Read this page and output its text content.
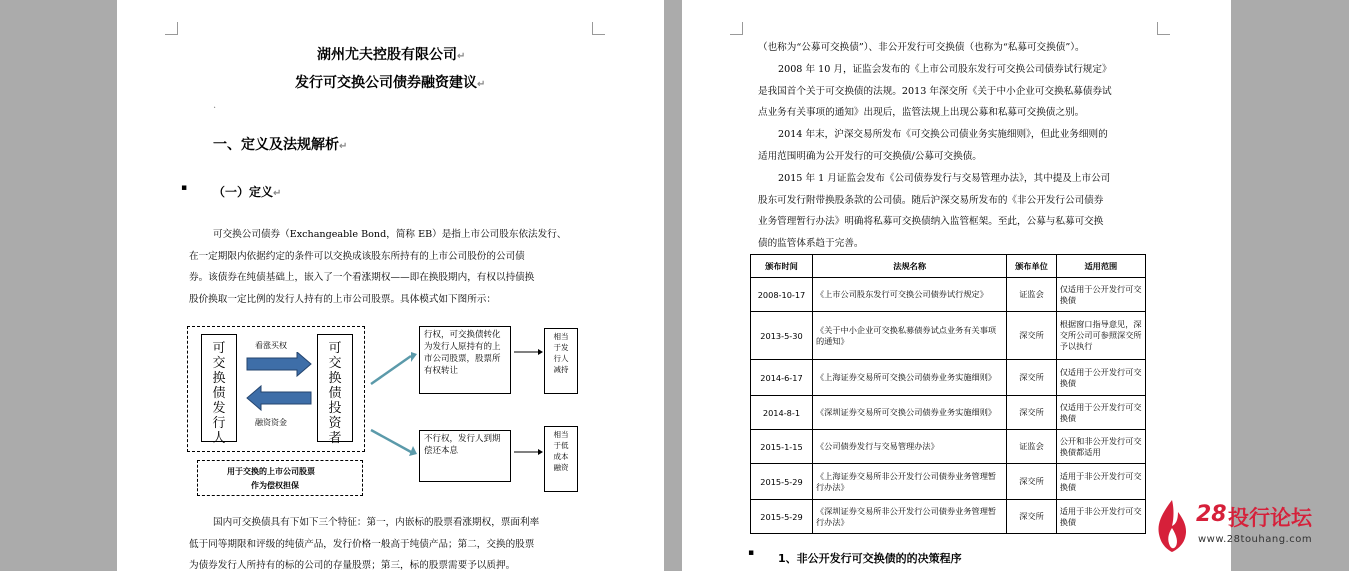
湖州尤夫控股有限公司↵
发行可交换公司债券融资建议↵
.
一、定义及法规解析↵
▪ （一）定义↵
可交换公司债券（Exchangeable Bond，简称 EB）是指上市公司股东依法发行、
在一定期限内依据约定的条件可以交换成该股东所持有的上市公司股份的公司债
券。该债券在纯债基础上，嵌入了一个看涨期权——即在换股期内，有权以持债换
股价换取一定比例的发行人持有的上市公司股票。具体模式如下图所示：
可交换债发行人
可交换债投资者
看涨买权
融资资金
用于交换的上市公司股票
作为偿权担保
行权，可交换债转化为发行人原持有的上市公司股票，股票所有权转让
不行权，发行人到期偿还本息
相当于发行人减持
相当于低成本融资
国内可交换债具有下如下三个特征：第一，内嵌标的股票看涨期权，票面利率
低于同等期限和评级的纯债产品，发行价格一般高于纯债产品；第二，交换的股票
为债券发行人所持有的标的公司的存量股票；第三，标的股票需要予以质押。
（也称为“公募可交换债”）、非公开发行可交换债（也称为“私募可交换债”）。
2008 年 10 月，证监会发布的《上市公司股东发行可交换公司债券试行规定》
是我国首个关于可交换债的法规。2013 年深交所《关于中小企业可交换私募债券试
点业务有关事项的通知》出现后，监管法规上出现公募和私募可交换债之别。
2014 年末，沪深交易所发布《可交换公司债业务实施细则》，但此业务细则的
适用范围明确为公开发行的可交换债/公募可交换债。
2015 年 1 月证监会发布《公司债券发行与交易管理办法》，其中提及上市公司
股东可发行附带换股条款的公司债。随后沪深交易所发布的《非公开发行公司债券
业务管理暂行办法》明确将私募可交换债纳入监管框架。至此，公募与私募可交换
债的监管体系趋于完善。
颁布时间	法规名称	颁布单位	适用范围
2008-10-17	《上市公司股东发行可交换公司债券试行规定》	证监会	仅适用于公开发行可交换债
2013-5-30	《关于中小企业可交换私募债券试点业务有关事项的通知》	深交所	根据窗口指导意见，深交所公司可参照深交所予以执行
2014-6-17	《上海证券交易所可交换公司债券业务实施细则》	深交所	仅适用于公开发行可交换债
2014-8-1	《深圳证券交易所可交换公司债券业务实施细则》	深交所	仅适用于公开发行可交换债
2015-1-15	《公司债券发行与交易管理办法》	证监会	公开和非公开发行可交换债都适用
2015-5-29	《上海证券交易所非公开发行公司债券业务管理暂行办法》	深交所	适用于非公开发行可交换债
2015-5-29	《深圳证券交易所非公开发行公司债券业务管理暂行办法》	深交所	适用于非公开发行可交换债
▪ 1、非公开发行可交换债的的决策程序
28 投行论坛
www.28touhang.com
